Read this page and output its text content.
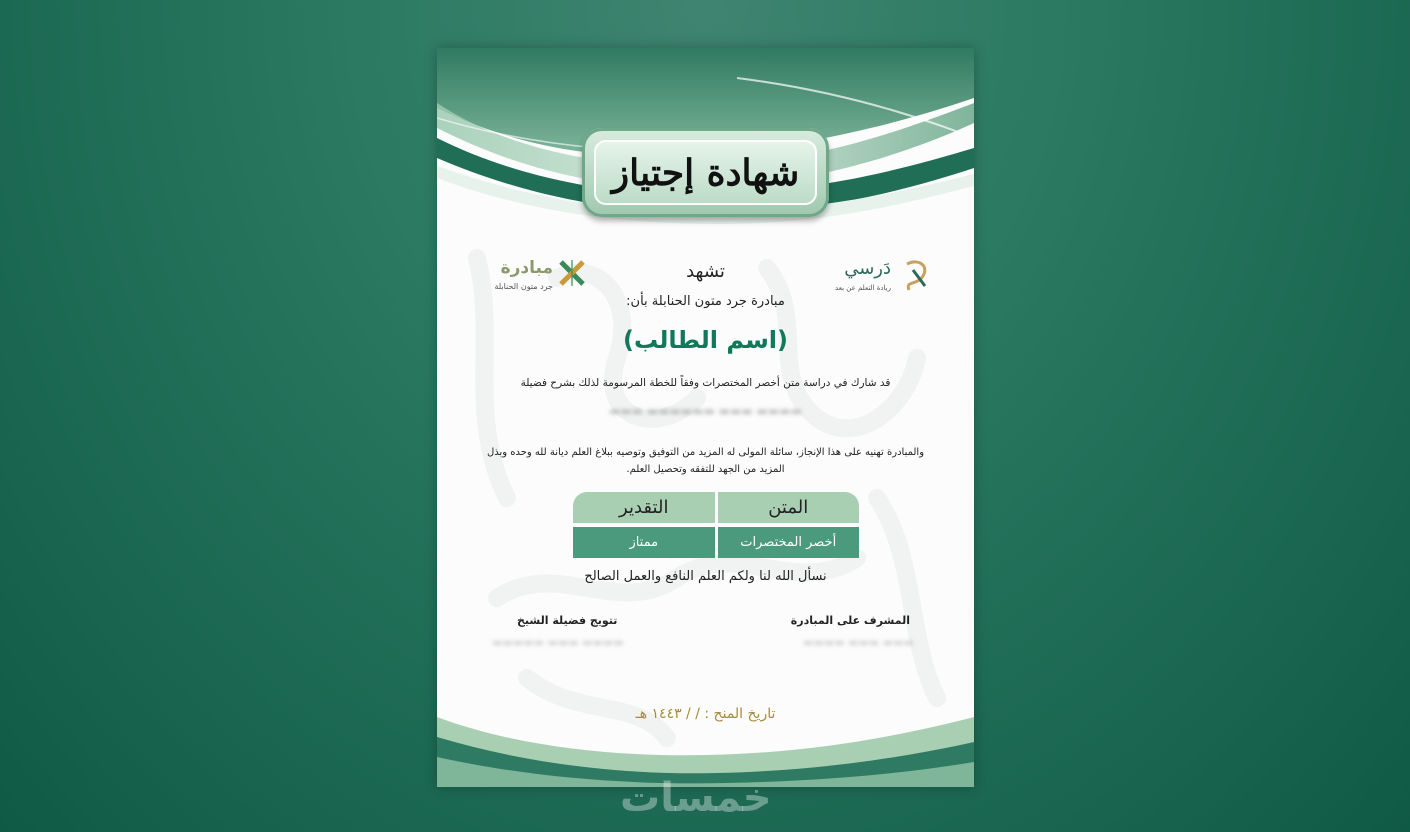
شهادة إجتياز
مبادرة
جرد متون الحنابلة
دَرسي
ريادة التعلم عن بعد
تشهد
مبادرة جرد متون الحنابلة بأن:
(اسم الطالب)
قد شارك في دراسة متن أخصر المختصرات وفقاً للخطة المرسومة لذلك بشرح فضيلة
▬▬▬▬ ▬▬▬ ▬▬▬▬▬▬ ▬▬▬
والمبادرة تهنيه على هذا الإنجاز، سائلة المولى له المزيد من التوفيق وتوصيه ببلاغ العلم ديانة لله وحده وبذل المزيد من الجهد للتفقه وتحصيل العلم.
المتن
التقدير
أخصر المختصرات
ممتاز
نسأل الله لنا ولكم العلم النافع والعمل الصالح
المشرف على المبادرة
تتويج فضيلة الشيخ
▬▬▬ ▬▬▬ ▬▬▬▬
▬▬▬▬ ▬▬▬ ▬▬▬▬▬
تاريخ المنح : / / ١٤٤٣ هـ
خمسات
